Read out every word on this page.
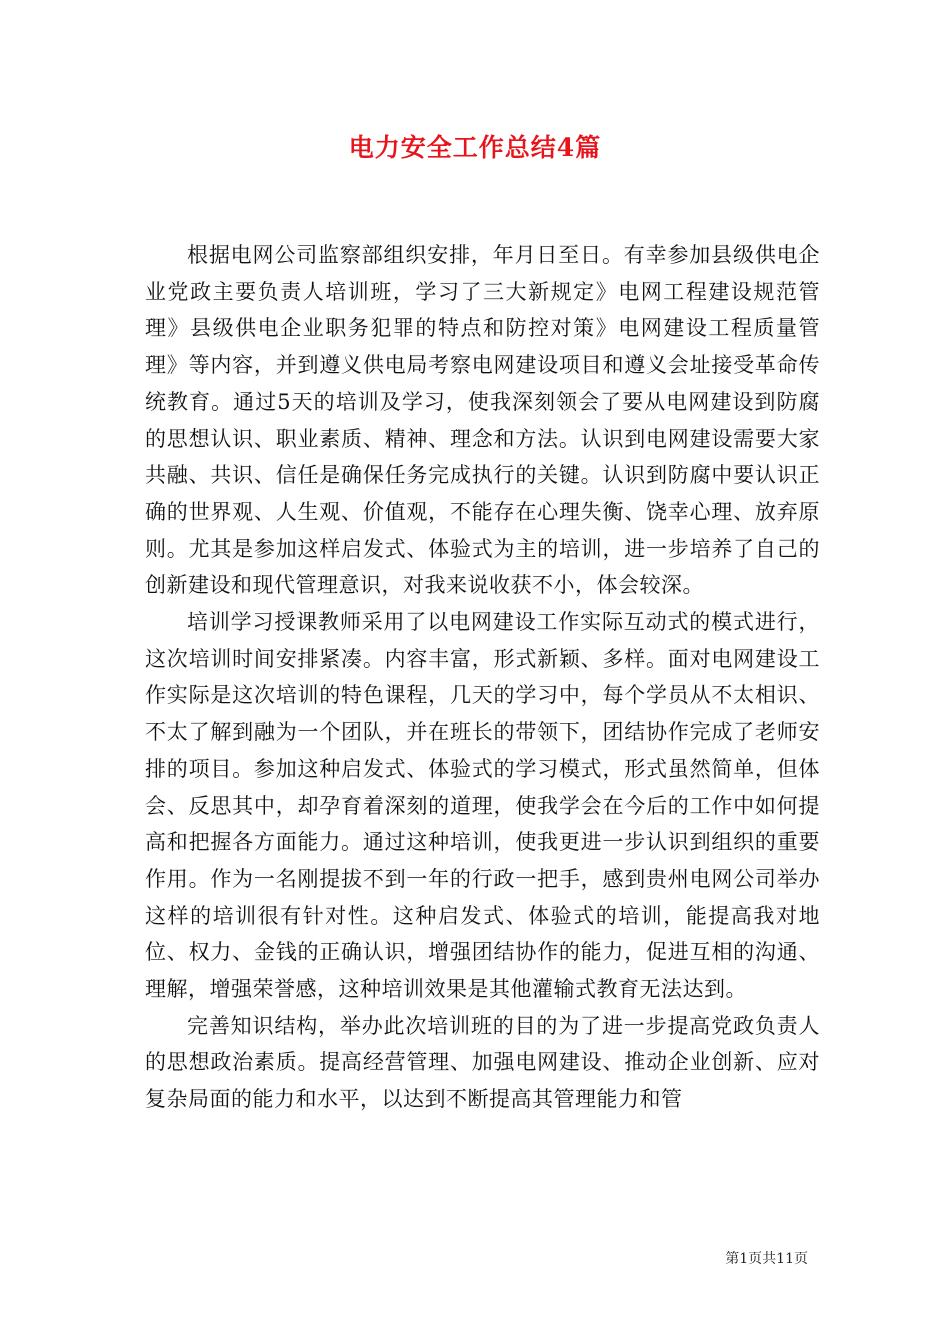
电力安全工作总结4篇

根据电网公司监察部组织安排，年月日至日。有幸参加县级供电企业党政主要负责人培训班，学习了三大新规定》电网工程建设规范管理》县级供电企业职务犯罪的特点和防控对策》电网建设工程质量管理》等内容，并到遵义供电局考察电网建设项目和遵义会址接受革命传统教育。通过5天的培训及学习，使我深刻领会了要从电网建设到防腐的思想认识、职业素质、精神、理念和方法。认识到电网建设需要大家共融、共识、信任是确保任务完成执行的关键。认识到防腐中要认识正确的世界观、人生观、价值观，不能存在心理失衡、饶幸心理、放弃原则。尤其是参加这样启发式、体验式为主的培训，进一步培养了自己的创新建设和现代管理意识，对我来说收获不小，体会较深。

培训学习授课教师采用了以电网建设工作实际互动式的模式进行，这次培训时间安排紧凑。内容丰富，形式新颖、多样。面对电网建设工作实际是这次培训的特色课程，几天的学习中，每个学员从不太相识、不太了解到融为一个团队，并在班长的带领下，团结协作完成了老师安排的项目。参加这种启发式、体验式的学习模式，形式虽然简单，但体会、反思其中，却孕育着深刻的道理，使我学会在今后的工作中如何提高和把握各方面能力。通过这种培训，使我更进一步认识到组织的重要作用。作为一名刚提拔不到一年的行政一把手，感到贵州电网公司举办这样的培训很有针对性。这种启发式、体验式的培训，能提高我对地位、权力、金钱的正确认识，增强团结协作的能力，促进互相的沟通、理解，增强荣誉感，这种培训效果是其他灌输式教育无法达到。

完善知识结构，举办此次培训班的目的为了进一步提高党政负责人的思想政治素质。提高经营管理、加强电网建设、推动企业创新、应对复杂局面的能力和水平，以达到不断提高其管理能力和管

第1页共11页
